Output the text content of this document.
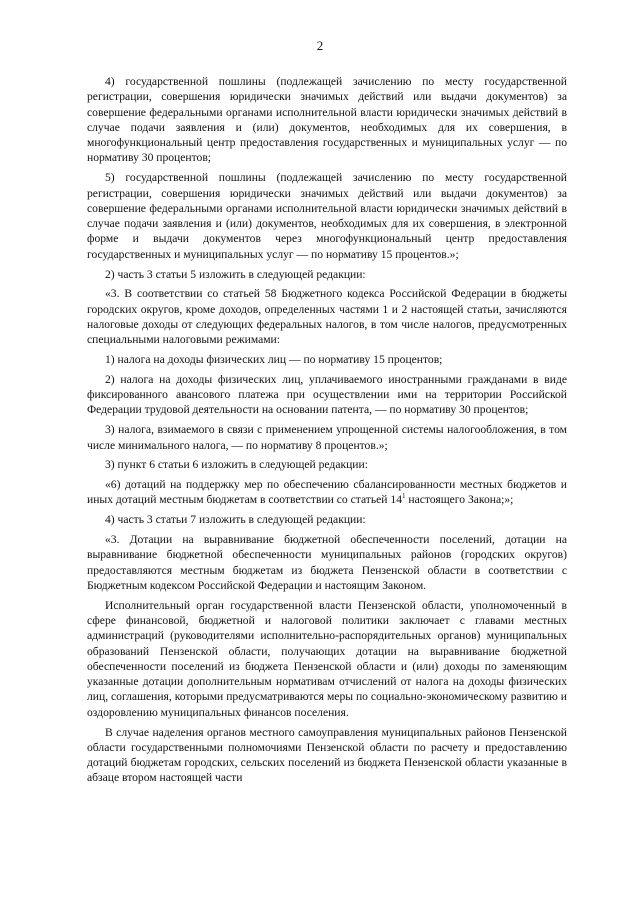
2

4) государственной пошлины (подлежащей зачислению по месту государственной регистрации, совершения юридически значимых действий или выдачи документов) за совершение федеральными органами исполнительной власти юридически значимых действий в случае подачи заявления и (или) документов, необходимых для их совершения, в многофункциональный центр предоставления государственных и муниципальных услуг — по нормативу 30 процентов;

5) государственной пошлины (подлежащей зачислению по месту государственной регистрации, совершения юридически значимых действий или выдачи документов) за совершение федеральными органами исполнительной власти юридически значимых действий в случае подачи заявления и (или) документов, необходимых для их совершения, в электронной форме и выдачи документов через многофункциональный центр предоставления государственных и муниципальных услуг — по нормативу 15 процентов.»;

2) часть 3 статьи 5 изложить в следующей редакции:

«3. В соответствии со статьей 58 Бюджетного кодекса Российской Федерации в бюджеты городских округов, кроме доходов, определенных частями 1 и 2 настоящей статьи, зачисляются налоговые доходы от следующих федеральных налогов, в том числе налогов, предусмотренных специальными налоговыми режимами:

1) налога на доходы физических лиц — по нормативу 15 процентов;

2) налога на доходы физических лиц, уплачиваемого иностранными гражданами в виде фиксированного авансового платежа при осуществлении ими на территории Российской Федерации трудовой деятельности на основании патента, — по нормативу 30 процентов;

3) налога, взимаемого в связи с применением упрощенной системы налогообложения, в том числе минимального налога, — по нормативу 8 процентов.»;

3) пункт 6 статьи 6 изложить в следующей редакции:

«6) дотаций на поддержку мер по обеспечению сбалансированности местных бюджетов и иных дотаций местным бюджетам в соответствии со статьей $14^1$ настоящего Закона;»;

4) часть 3 статьи 7 изложить в следующей редакции:

«3. Дотации на выравнивание бюджетной обеспеченности поселений, дотации на выравнивание бюджетной обеспеченности муниципальных районов (городских округов) предоставляются местным бюджетам из бюджета Пензенской области в соответствии с Бюджетным кодексом Российской Федерации и настоящим Законом.

Исполнительный орган государственной власти Пензенской области, уполномоченный в сфере финансовой, бюджетной и налоговой политики заключает с главами местных администраций (руководителями исполнительно-распорядительных органов) муниципальных образований Пензенской области, получающих дотации на выравнивание бюджетной обеспеченности поселений из бюджета Пензенской области и (или) доходы по заменяющим указанные дотации дополнительным нормативам отчислений от налога на доходы физических лиц, соглашения, которыми предусматриваются меры по социально-экономическому развитию и оздоровлению муниципальных финансов поселения.

В случае наделения органов местного самоуправления муниципальных районов Пензенской области государственными полномочиями Пензенской области по расчету и предоставлению дотаций бюджетам городских, сельских поселений из бюджета Пензенской области указанные в абзаце втором настоящей части
